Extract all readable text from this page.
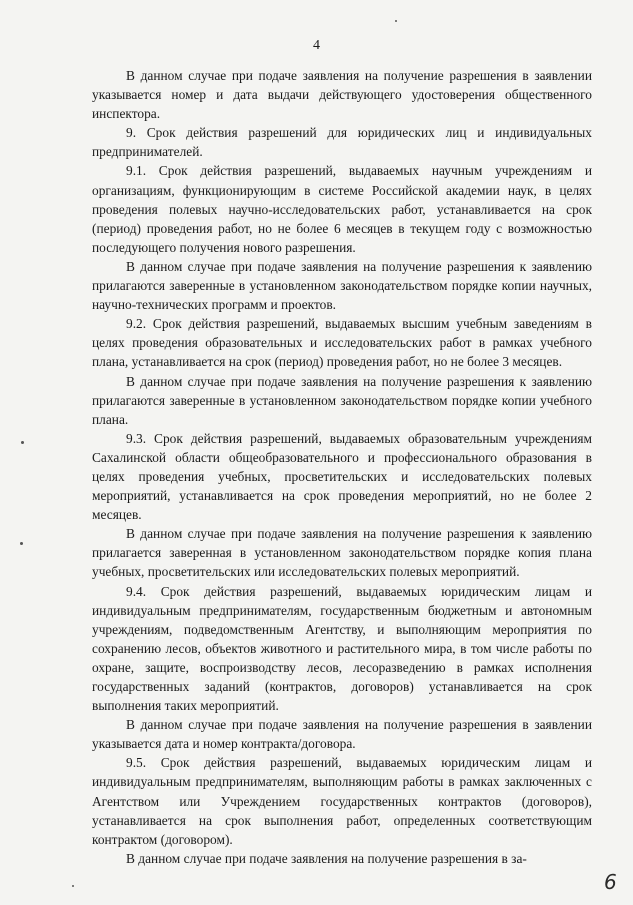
4

В данном случае при подаче заявления на получение разрешения в заявлении указывается номер и дата выдачи действующего удостоверения общественного инспектора.

9. Срок действия разрешений для юридических лиц и индивидуальных предпринимателей.

9.1. Срок действия разрешений, выдаваемых научным учреждениям и организациям, функционирующим в системе Российской академии наук, в целях проведения полевых научно-исследовательских работ, устанавливается на срок (период) проведения работ, но не более 6 месяцев в текущем году с возможностью последующего получения нового разрешения.

В данном случае при подаче заявления на получение разрешения к заявлению прилагаются заверенные в установленном законодательством порядке копии научных, научно-технических программ и проектов.

9.2. Срок действия разрешений, выдаваемых высшим учебным заведениям в целях проведения образовательных и исследовательских работ в рамках учебного плана, устанавливается на срок (период) проведения работ, но не более 3 месяцев.

В данном случае при подаче заявления на получение разрешения к заявлению прилагаются заверенные в установленном законодательством порядке копии учебного плана.

9.3. Срок действия разрешений, выдаваемых образовательным учреждениям Сахалинской области общеобразовательного и профессионального образования в целях проведения учебных, просветительских и исследовательских полевых мероприятий, устанавливается на срок проведения мероприятий, но не более 2 месяцев.

В данном случае при подаче заявления на получение разрешения к заявлению прилагается заверенная в установленном законодательством порядке копия плана учебных, просветительских или исследовательских полевых мероприятий.

9.4. Срок действия разрешений, выдаваемых юридическим лицам и индивидуальным предпринимателям, государственным бюджетным и автономным учреждениям, подведомственным Агентству, и выполняющим мероприятия по сохранению лесов, объектов животного и растительного мира, в том числе работы по охране, защите, воспроизводству лесов, лесоразведению в рамках исполнения государственных заданий (контрактов, договоров) устанавливается на срок выполнения таких мероприятий.

В данном случае при подаче заявления на получение разрешения в заявлении указывается дата и номер контракта/договора.

9.5. Срок действия разрешений, выдаваемых юридическим лицам и индивидуальным предпринимателям, выполняющим работы в рамках заключенных с Агентством или Учреждением государственных контрактов (договоров), устанавливается на срок выполнения работ, определенных соответствующим контрактом (договором).

В данном случае при подаче заявления на получение разрешения в за-

6
